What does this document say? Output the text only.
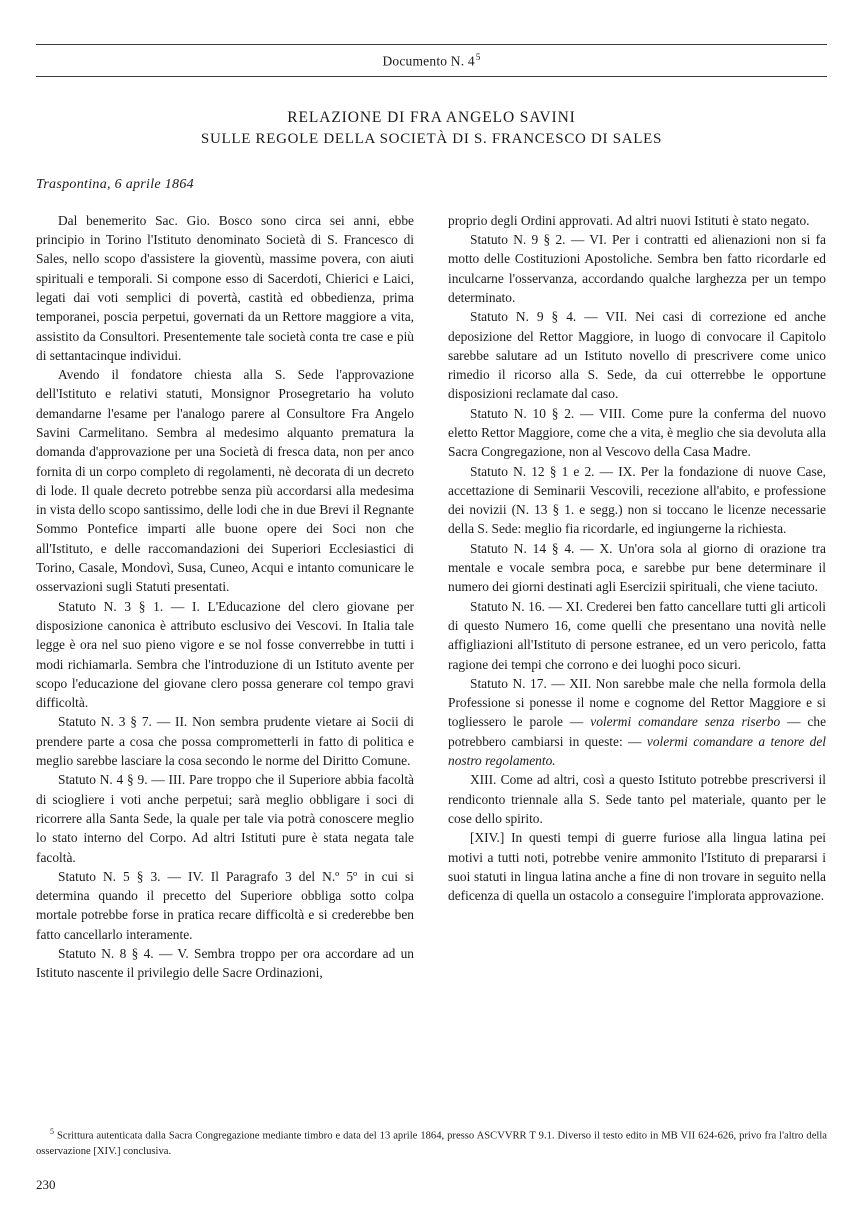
Documento N. $4^5$
RELAZIONE DI FRA ANGELO SAVINI
SULLE REGOLE DELLA SOCIETÀ DI S. FRANCESCO DI SALES
Traspontina, 6 aprile 1864

Dal benemerito Sac. Gio. Bosco sono circa sei anni, ebbe principio in Torino l'Istituto denominato Società di S. Francesco di Sales, nello scopo d'assistere la gioventù, massime povera, con aiuti spirituali e temporali. Si compone esso di Sacerdoti, Chierici e Laici, legati dai voti semplici di povertà, castità ed obbedienza, prima temporanei, poscia perpetui, governati da un Rettore maggiore a vita, assistito da Consultori. Presentemente tale società conta tre case e più di settantacinque individui.

Avendo il fondatore chiesta alla S. Sede l'approvazione dell'Istituto e relativi statuti, Monsignor Prosegretario ha voluto demandarne l'esame per l'analogo parere al Consultore Fra Angelo Savini Carmelitano. Sembra al medesimo alquanto prematura la domanda d'approvazione per una Società di fresca data, non per anco fornita di un corpo completo di regolamenti, nè decorata di un decreto di lode. Il quale decreto potrebbe senza più accordarsi alla medesima in vista dello scopo santissimo, delle lodi che in due Brevi il Regnante Sommo Pontefice imparti alle buone opere dei Soci non che all'Istituto, e delle raccomandazioni dei Superiori Ecclesiastici di Torino, Casale, Mondovì, Susa, Cuneo, Acqui e intanto comunicare le osservazioni sugli Statuti presentati.

Statuto N. 3 § 1. — I. L'Educazione del clero giovane per disposizione canonica è attributo esclusivo dei Vescovi. In Italia tale legge è ora nel suo pieno vigore e se nol fosse converrebbe in tutti i modi richiamarla. Sembra che l'introduzione di un Istituto avente per scopo l'educazione del giovane clero possa generare col tempo gravi difficoltà.

Statuto N. 3 § 7. — II. Non sembra prudente vietare ai Socii di prendere parte a cosa che possa comprometterli in fatto di politica e meglio sarebbe lasciare la cosa secondo le norme del Diritto Comune.

Statuto N. 4 § 9. — III. Pare troppo che il Superiore abbia facoltà di sciogliere i voti anche perpetui; sarà meglio obbligare i soci di ricorrere alla Santa Sede, la quale per tale via potrà conoscere meglio lo stato interno del Corpo. Ad altri Istituti pure è stata negata tale facoltà.

Statuto N. 5 § 3. — IV. Il Paragrafo 3 del N.º 5º in cui si determina quando il precetto del Superiore obbliga sotto colpa mortale potrebbe forse in pratica recare difficoltà e si crederebbe ben fatto cancellarlo interamente.

Statuto N. 8 § 4. — V. Sembra troppo per ora accordare ad un Istituto nascente il privilegio delle Sacre Ordinazioni,

proprio degli Ordini approvati. Ad altri nuovi Istituti è stato negato.

Statuto N. 9 § 2. — VI. Per i contratti ed alienazioni non si fa motto delle Costituzioni Apostoliche. Sembra ben fatto ricordarle ed inculcarne l'osservanza, accordando qualche larghezza per un tempo determinato.

Statuto N. 9 § 4. — VII. Nei casi di correzione ed anche deposizione del Rettor Maggiore, in luogo di convocare il Capitolo sarebbe salutare ad un Istituto novello di prescrivere come unico rimedio il ricorso alla S. Sede, da cui otterrebbe le opportune disposizioni reclamate dal caso.

Statuto N. 10 § 2. — VIII. Come pure la conferma del nuovo eletto Rettor Maggiore, come che a vita, è meglio che sia devoluta alla Sacra Congregazione, non al Vescovo della Casa Madre.

Statuto N. 12 § 1 e 2. — IX. Per la fondazione di nuove Case, accettazione di Seminarii Vescovili, recezione all'abito, e professione dei novizii (N. 13 § 1. e segg.) non si toccano le licenze necessarie della S. Sede: meglio fia ricordarle, ed ingiungerne la richiesta.

Statuto N. 14 § 4. — X. Un'ora sola al giorno di orazione tra mentale e vocale sembra poca, e sarebbe pur bene determinare il numero dei giorni destinati agli Esercizii spirituali, che viene taciuto.

Statuto N. 16. — XI. Crederei ben fatto cancellare tutti gli articoli di questo Numero 16, come quelli che presentano una novità nelle affigliazioni all'Istituto di persone estranee, ed un vero pericolo, fatta ragione dei tempi che corrono e dei luoghi poco sicuri.

Statuto N. 17. — XII. Non sarebbe male che nella formola della Professione si ponesse il nome e cognome del Rettor Maggiore e si togliessero le parole — volermi comandare senza riserbo — che potrebbero cambiarsi in queste: — volermi comandare a tenore del nostro regolamento.

XIII. Come ad altri, così a questo Istituto potrebbe prescriversi il rendiconto triennale alla S. Sede tanto pel materiale, quanto per le cose dello spirito.

[XIV.] In questi tempi di guerre furiose alla lingua latina pei motivi a tutti noti, potrebbe venire ammonito l'Istituto di prepararsi i suoi statuti in lingua latina anche a fine di non trovare in seguito nella deficenza di quella un ostacolo a conseguire l'implorata approvazione.

$^5$ Scrittura autenticata dalla Sacra Congregazione mediante timbro e data del 13 aprile 1864, presso ASCVVRR T 9.1. Diverso il testo edito in MB VII 624-626, privo fra l'altro della osservazione [XIV.] conclusiva.

230
